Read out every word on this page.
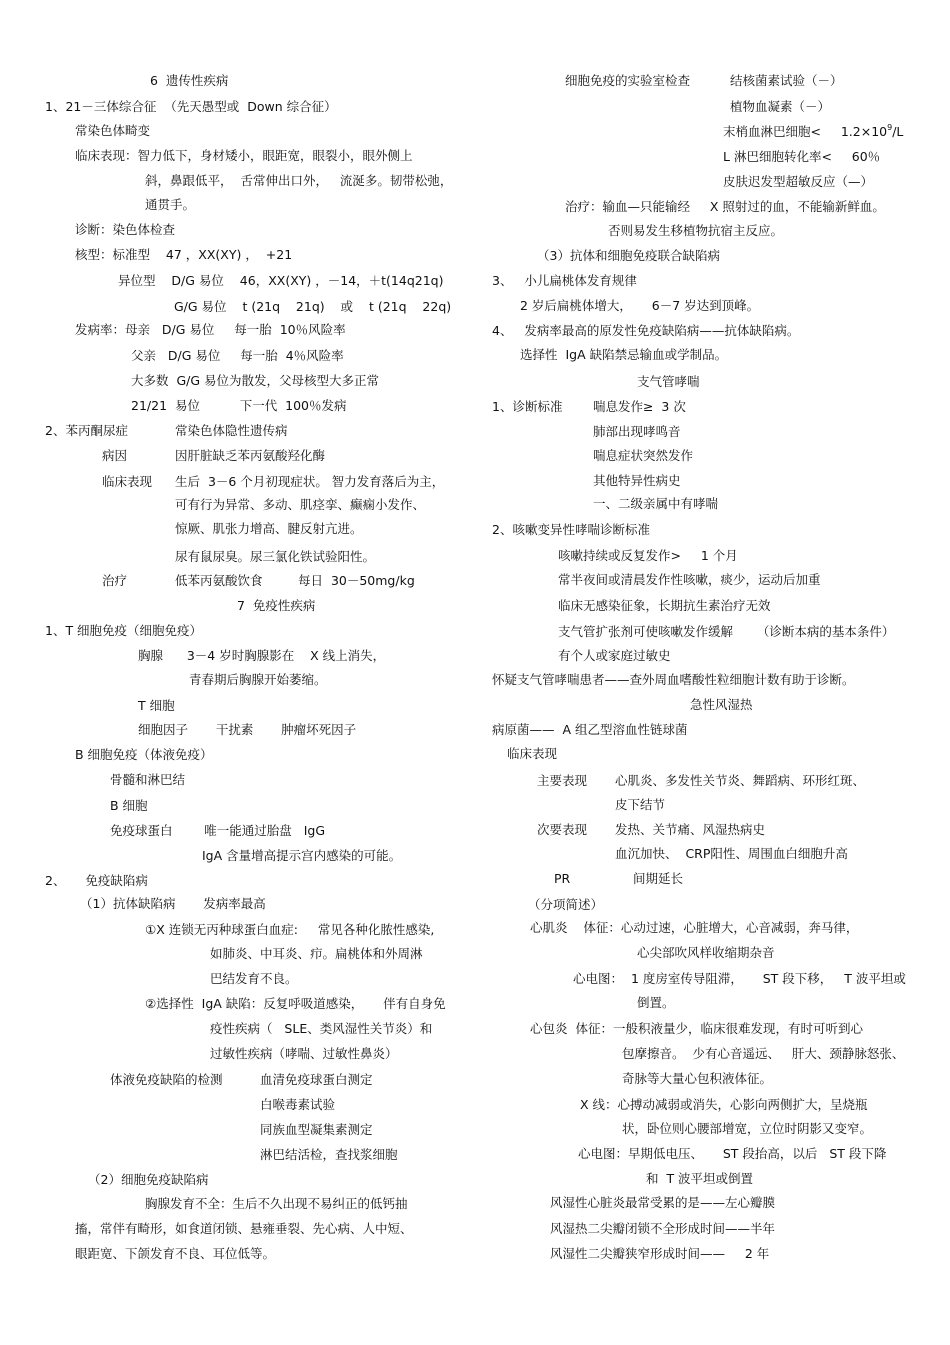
6  遗传性疾病
1、21－三体综合征  （先天愚型或  Down 综合征）
常染色体畸变
临床表现：智力低下，身材矮小，眼距宽，眼裂小，眼外侧上
斜，鼻跟低平，  舌常伸出口外，   流涎多。韧带松弛，
通贯手。
诊断：染色体检查
核型：标准型    47 ，XX(XY) ，  +21
异位型    D/G 易位    46，XX(XY) ，－14，＋t(14q21q)
G/G 易位    t (21q    21q)    或    t (21q    22q)
发病率：母亲   D/G 易位     每一胎  10％风险率
父亲   D/G 易位     每一胎  4％风险率
大多数  G/G 易位为散发，父母核型大多正常
21/21  易位          下一代  100％发病
2、苯丙酮尿症	常染色体隐性遗传病
病因	因肝脏缺乏苯丙氨酸羟化酶
临床表现 生后  3－6 个月初现症状。 智力发育落后为主，
可有行为异常、多动、肌痉挛、癫痫小发作、
惊厥、肌张力增高、腱反射亢进。
尿有鼠尿臭。尿三氯化铁试验阳性。
治疗	低苯丙氨酸饮食	每日  30－50mg/kg
7  免疫性疾病
1、T 细胞免疫（细胞免疫）
胸腺      3－4 岁时胸腺影在    X 线上消失，
青春期后胸腺开始萎缩。
T 细胞
细胞因子       干扰素       肿瘤坏死因子
B 细胞免疫（体液免疫）
骨髓和淋巴结
B 细胞
免疫球蛋白        唯一能通过胎盘   IgG
IgA 含量增高提示宫内感染的可能。
2、     免疫缺陷病
（1）抗体缺陷病       发病率最高
①X 连锁无丙种球蛋白血症:     常见各种化脓性感染,
如肺炎、中耳炎、疖。扁桃体和外周淋
巴结发育不良。
②选择性  IgA 缺陷：反复呼吸道感染，     伴有自身免
疫性疾病（   SLE、类风湿性关节炎）和
过敏性疾病（哮喘、过敏性鼻炎）
体液免疫缺陷的检测	血清免疫球蛋白测定
白喉毒素试验
同族血型凝集素测定
淋巴结活检，查找浆细胞
（2）细胞免疫缺陷病
胸腺发育不全：生后不久出现不易纠正的低钙抽
搐，常伴有畸形，如食道闭锁、悬雍垂裂、先心病、人中短、
眼距宽、下颌发育不良、耳位低等。
细胞免疫的实验室检查	结核菌素试验（－）
植物血凝素（－）
末梢血淋巴细胞<     $1.2\times 10^9/L$
L 淋巴细胞转化率<     60％
皮肤迟发型超敏反应（—）
治疗：输血—只能输经     X 照射过的血，不能输新鲜血。
否则易发生移植物抗宿主反应。
（3）抗体和细胞免疫联合缺陷病
3、   小儿扁桃体发育规律
2 岁后扁桃体增大，     6－7 岁达到顶峰。
4、   发病率最高的原发性免疫缺陷病——抗体缺陷病。
选择性  IgA 缺陷禁忌输血或学制品。
支气管哮喘
1、诊断标准 喘息发作≥  3 次
肺部出现哮鸣音
喘息症状突然发作
其他特异性病史
一、二级亲属中有哮喘
2、咳嗽变异性哮喘诊断标准
咳嗽持续或反复发作>     1 个月
常半夜间或清晨发作性咳嗽，痰少，运动后加重
临床无感染征象，长期抗生素治疗无效
支气管扩张剂可使咳嗽发作缓解      （诊断本病的基本条件）
有个人或家庭过敏史
怀疑支气管哮喘患者——查外周血嗜酸性粒细胞计数有助于诊断。
急性风湿热
病原菌——  A 组乙型溶血性链球菌
临床表现
主要表现 心肌炎、多发性关节炎、舞蹈病、环形红斑、
皮下结节
次要表现 发热、关节痛、风湿热病史
血沉加快、  CRP阳性、周围血白细胞升高
PR	间期延长
（分项简述）
心肌炎    体征：心动过速，心脏增大，心音减弱，奔马律，
心尖部吹风样收缩期杂音
心电图：  1 度房室传导阻滞，     ST 段下移，   T 波平坦或
倒置。
心包炎  体征：一般积液量少，临床很难发现，有时可听到心
包摩擦音。  少有心音遥远、   肝大、颈静脉怒张、
奇脉等大量心包积液体征。
X 线：心搏动减弱或消失，心影向两侧扩大，呈烧瓶
状，卧位则心腰部增宽，立位时阴影又变窄。
心电图：早期低电压、     ST 段抬高，以后   ST 段下降
和  T 波平坦或倒置
风湿性心脏炎最常受累的是——左心瓣膜
风湿热二尖瓣闭锁不全形成时间——半年
风湿性二尖瓣狭窄形成时间——     2 年
